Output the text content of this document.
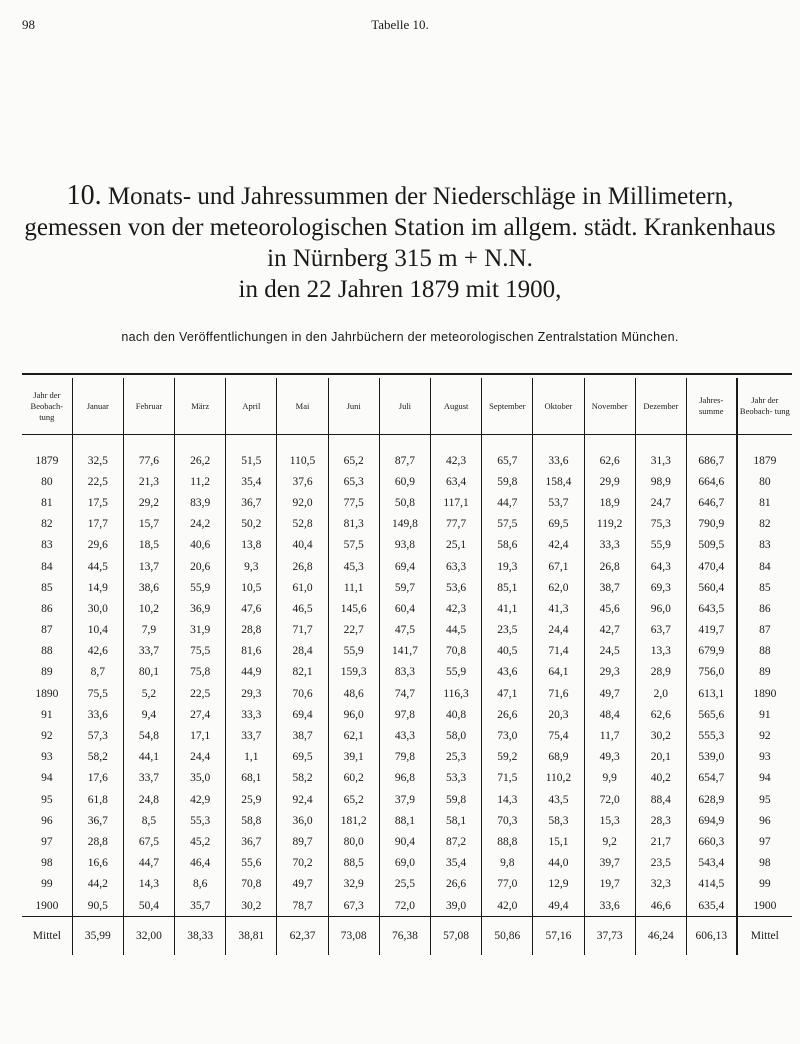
98	Tabelle 10.
10. Monats- und Jahressummen der Niederschläge in Millimetern,
gemessen von der meteorologischen Station im allgem. städt. Krankenhaus
in Nürnberg 315 m + N.N.
in den 22 Jahren 1879 mit 1900,
nach den Veröffentlichungen in den Jahrbüchern der meteorologischen Zentralstation München.
Jahr der Beobach- tung	Januar	Februar	März	April	Mai	Juni	Juli	August	September	Oktober	November	Dezember	Jahres- summe	Jahr der Beobach- tung

1879	32,5	77,6	26,2	51,5	110,5	65,2	87,7	42,3	65,7	33,6	62,6	31,3	686,7	1879
80	22,5	21,3	11,2	35,4	37,6	65,3	60,9	63,4	59,8	158,4	29,9	98,9	664,6	80
81	17,5	29,2	83,9	36,7	92,0	77,5	50,8	117,1	44,7	53,7	18,9	24,7	646,7	81
82	17,7	15,7	24,2	50,2	52,8	81,3	149,8	77,7	57,5	69,5	119,2	75,3	790,9	82
83	29,6	18,5	40,6	13,8	40,4	57,5	93,8	25,1	58,6	42,4	33,3	55,9	509,5	83
84	44,5	13,7	20,6	9,3	26,8	45,3	69,4	63,3	19,3	67,1	26,8	64,3	470,4	84
85	14,9	38,6	55,9	10,5	61,0	11,1	59,7	53,6	85,1	62,0	38,7	69,3	560,4	85
86	30,0	10,2	36,9	47,6	46,5	145,6	60,4	42,3	41,1	41,3	45,6	96,0	643,5	86
87	10,4	7,9	31,9	28,8	71,7	22,7	47,5	44,5	23,5	24,4	42,7	63,7	419,7	87
88	42,6	33,7	75,5	81,6	28,4	55,9	141,7	70,8	40,5	71,4	24,5	13,3	679,9	88
89	8,7	80,1	75,8	44,9	82,1	159,3	83,3	55,9	43,6	64,1	29,3	28,9	756,0	89
1890	75,5	5,2	22,5	29,3	70,6	48,6	74,7	116,3	47,1	71,6	49,7	2,0	613,1	1890
91	33,6	9,4	27,4	33,3	69,4	96,0	97,8	40,8	26,6	20,3	48,4	62,6	565,6	91
92	57,3	54,8	17,1	33,7	38,7	62,1	43,3	58,0	73,0	75,4	11,7	30,2	555,3	92
93	58,2	44,1	24,4	1,1	69,5	39,1	79,8	25,3	59,2	68,9	49,3	20,1	539,0	93
94	17,6	33,7	35,0	68,1	58,2	60,2	96,8	53,3	71,5	110,2	9,9	40,2	654,7	94
95	61,8	24,8	42,9	25,9	92,4	65,2	37,9	59,8	14,3	43,5	72,0	88,4	628,9	95
96	36,7	8,5	55,3	58,8	36,0	181,2	88,1	58,1	70,3	58,3	15,3	28,3	694,9	96
97	28,8	67,5	45,2	36,7	89,7	80,0	90,4	87,2	88,8	15,1	9,2	21,7	660,3	97
98	16,6	44,7	46,4	55,6	70,2	88,5	69,0	35,4	9,8	44,0	39,7	23,5	543,4	98
99	44,2	14,3	8,6	70,8	49,7	32,9	25,5	26,6	77,0	12,9	19,7	32,3	414,5	99
1900	90,5	50,4	35,7	30,2	78,7	67,3	72,0	39,0	42,0	49,4	33,6	46,6	635,4	1900
Mittel	35,99	32,00	38,33	38,81	62,37	73,08	76,38	57,08	50,86	57,16	37,73	46,24	606,13	Mittel
